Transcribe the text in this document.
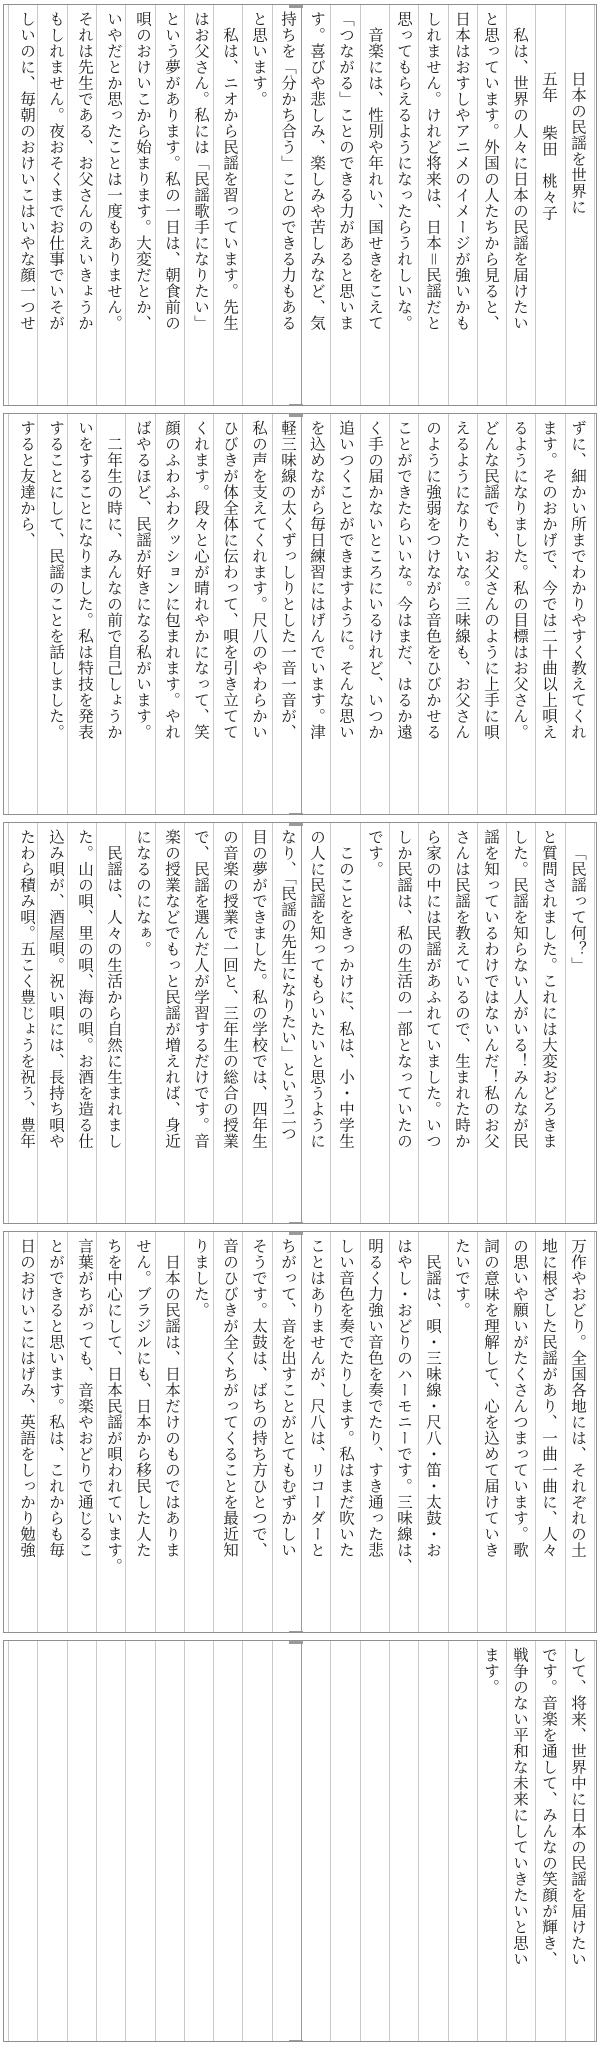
日本の民謡を世界に
五年柴田　桃々子
私は、世界の人々に日本の民謡を届けたい
と思っています。外国の人たちから見ると、
日本はおすしやアニメのイメージが強いかも
しれません。けれど将来は、日本＝民謡だと
思ってもらえるようになったらうれしいな。
音楽には、性別や年れい、国せきをこえて
「つながる」ことのできる力があると思いま
す。喜びや悲しみ、楽しみや苦しみなど、気
持ちを「分かち合う」ことのできる力もある
と思います。
私は、ニオから民謡を習っています。先生
はお父さん。私には「民謡歌手になりたい」
という夢があります。私の一日は、朝食前の
唄のおけいこから始まります。大変だとか、
いやだとか思ったことは一度もありません。
それは先生である、お父さんのえいきょうか
もしれません。夜おそくまでお仕事でいそが
しいのに、毎朝のおけいこはいやな顔一つせ
ずに、細かい所までわかりやすく教えてくれ
ます。そのおかげで、今では二十曲以上唄え
るようになりました。私の目標はお父さん。
どんな民謡でも、お父さんのように上手に唄
えるようになりたいな。三味線も、お父さん
のように強弱をつけながら音色をひびかせる
ことができたらいいな。今はまだ、はるか遠
く手の届かないところにいるけれど、いつか
追いつくことができますように。そんな思い
を込めながら毎日練習にはげんでいます。津
軽三味線の太くずっしりとした一音一音が、
私の声を支えてくれます。尺八のやわらかい
ひびきが体全体に伝わって、唄を引き立てて
くれます。段々と心が晴れやかになって、笑
顔のふわふわクッションに包まれます。やれ
ばやるほど、民謡が好きになる私がいます。
二年生の時に、みんなの前で自己しょうか
いをすることになりました。私は特技を発表
することにして、民謡のことを話しました。
すると友達から、
「民謡って何？」
と質問されました。これには大変おどろきま
した。民謡を知らない人がいる！みんなが民
謡を知っているわけではないんだ！私のお父
さんは民謡を教えているので、生まれた時か
ら家の中には民謡があふれていました。いつ
しか民謡は、私の生活の一部となっていたの
です。
このことをきっかけに、私は、小・中学生
の人に民謡を知ってもらいたいと思うように
なり、「民謡の先生になりたい」という二つ
目の夢ができました。私の学校では、四年生
の音楽の授業で一回と、三年生の総合の授業
で、民謡を選んだ人が学習するだけです。音
楽の授業などでもっと民謡が増えれば、身近
になるのになぁ。
民謡は、人々の生活から自然に生まれまし
た。山の唄、里の唄、海の唄。お酒を造る仕
込み唄が、酒屋唄。祝い唄には、長持ち唄や
たわら積み唄。五こく豊じょうを祝う、豊年
万作やおどり。全国各地には、それぞれの土
地に根ざした民謡があり、一曲一曲に、人々
の思いや願いがたくさんつまっています。歌
詞の意味を理解して、心を込めて届けていき
たいです。
民謡は、唄・三味線・尺八・笛・太鼓・お
はやし・おどりのハーモニーです。三味線は、
明るく力強い音色を奏でたり、すき通った悲
しい音色を奏でたりします。私はまだ吹いた
ことはありませんが、尺八は、リコーダーと
ちがって、音を出すことがとてもむずかしい
そうです。太鼓は、ばちの持ち方ひとつで、
音のひびきが全くちがってくることを最近知
りました。
日本の民謡は、日本だけのものではありま
せん。ブラジルにも、日本から移民した人た
ちを中心にして、日本民謡が唄われています。
言葉がちがっても、音楽やおどりで通じるこ
とができると思います。私は、これからも毎
日のおけいこにはげみ、英語をしっかり勉強
して、将来、世界中に日本の民謡を届けたい
です。音楽を通して、みんなの笑顔が輝き、
戦争のない平和な未来にしていきたいと思い
ます。
